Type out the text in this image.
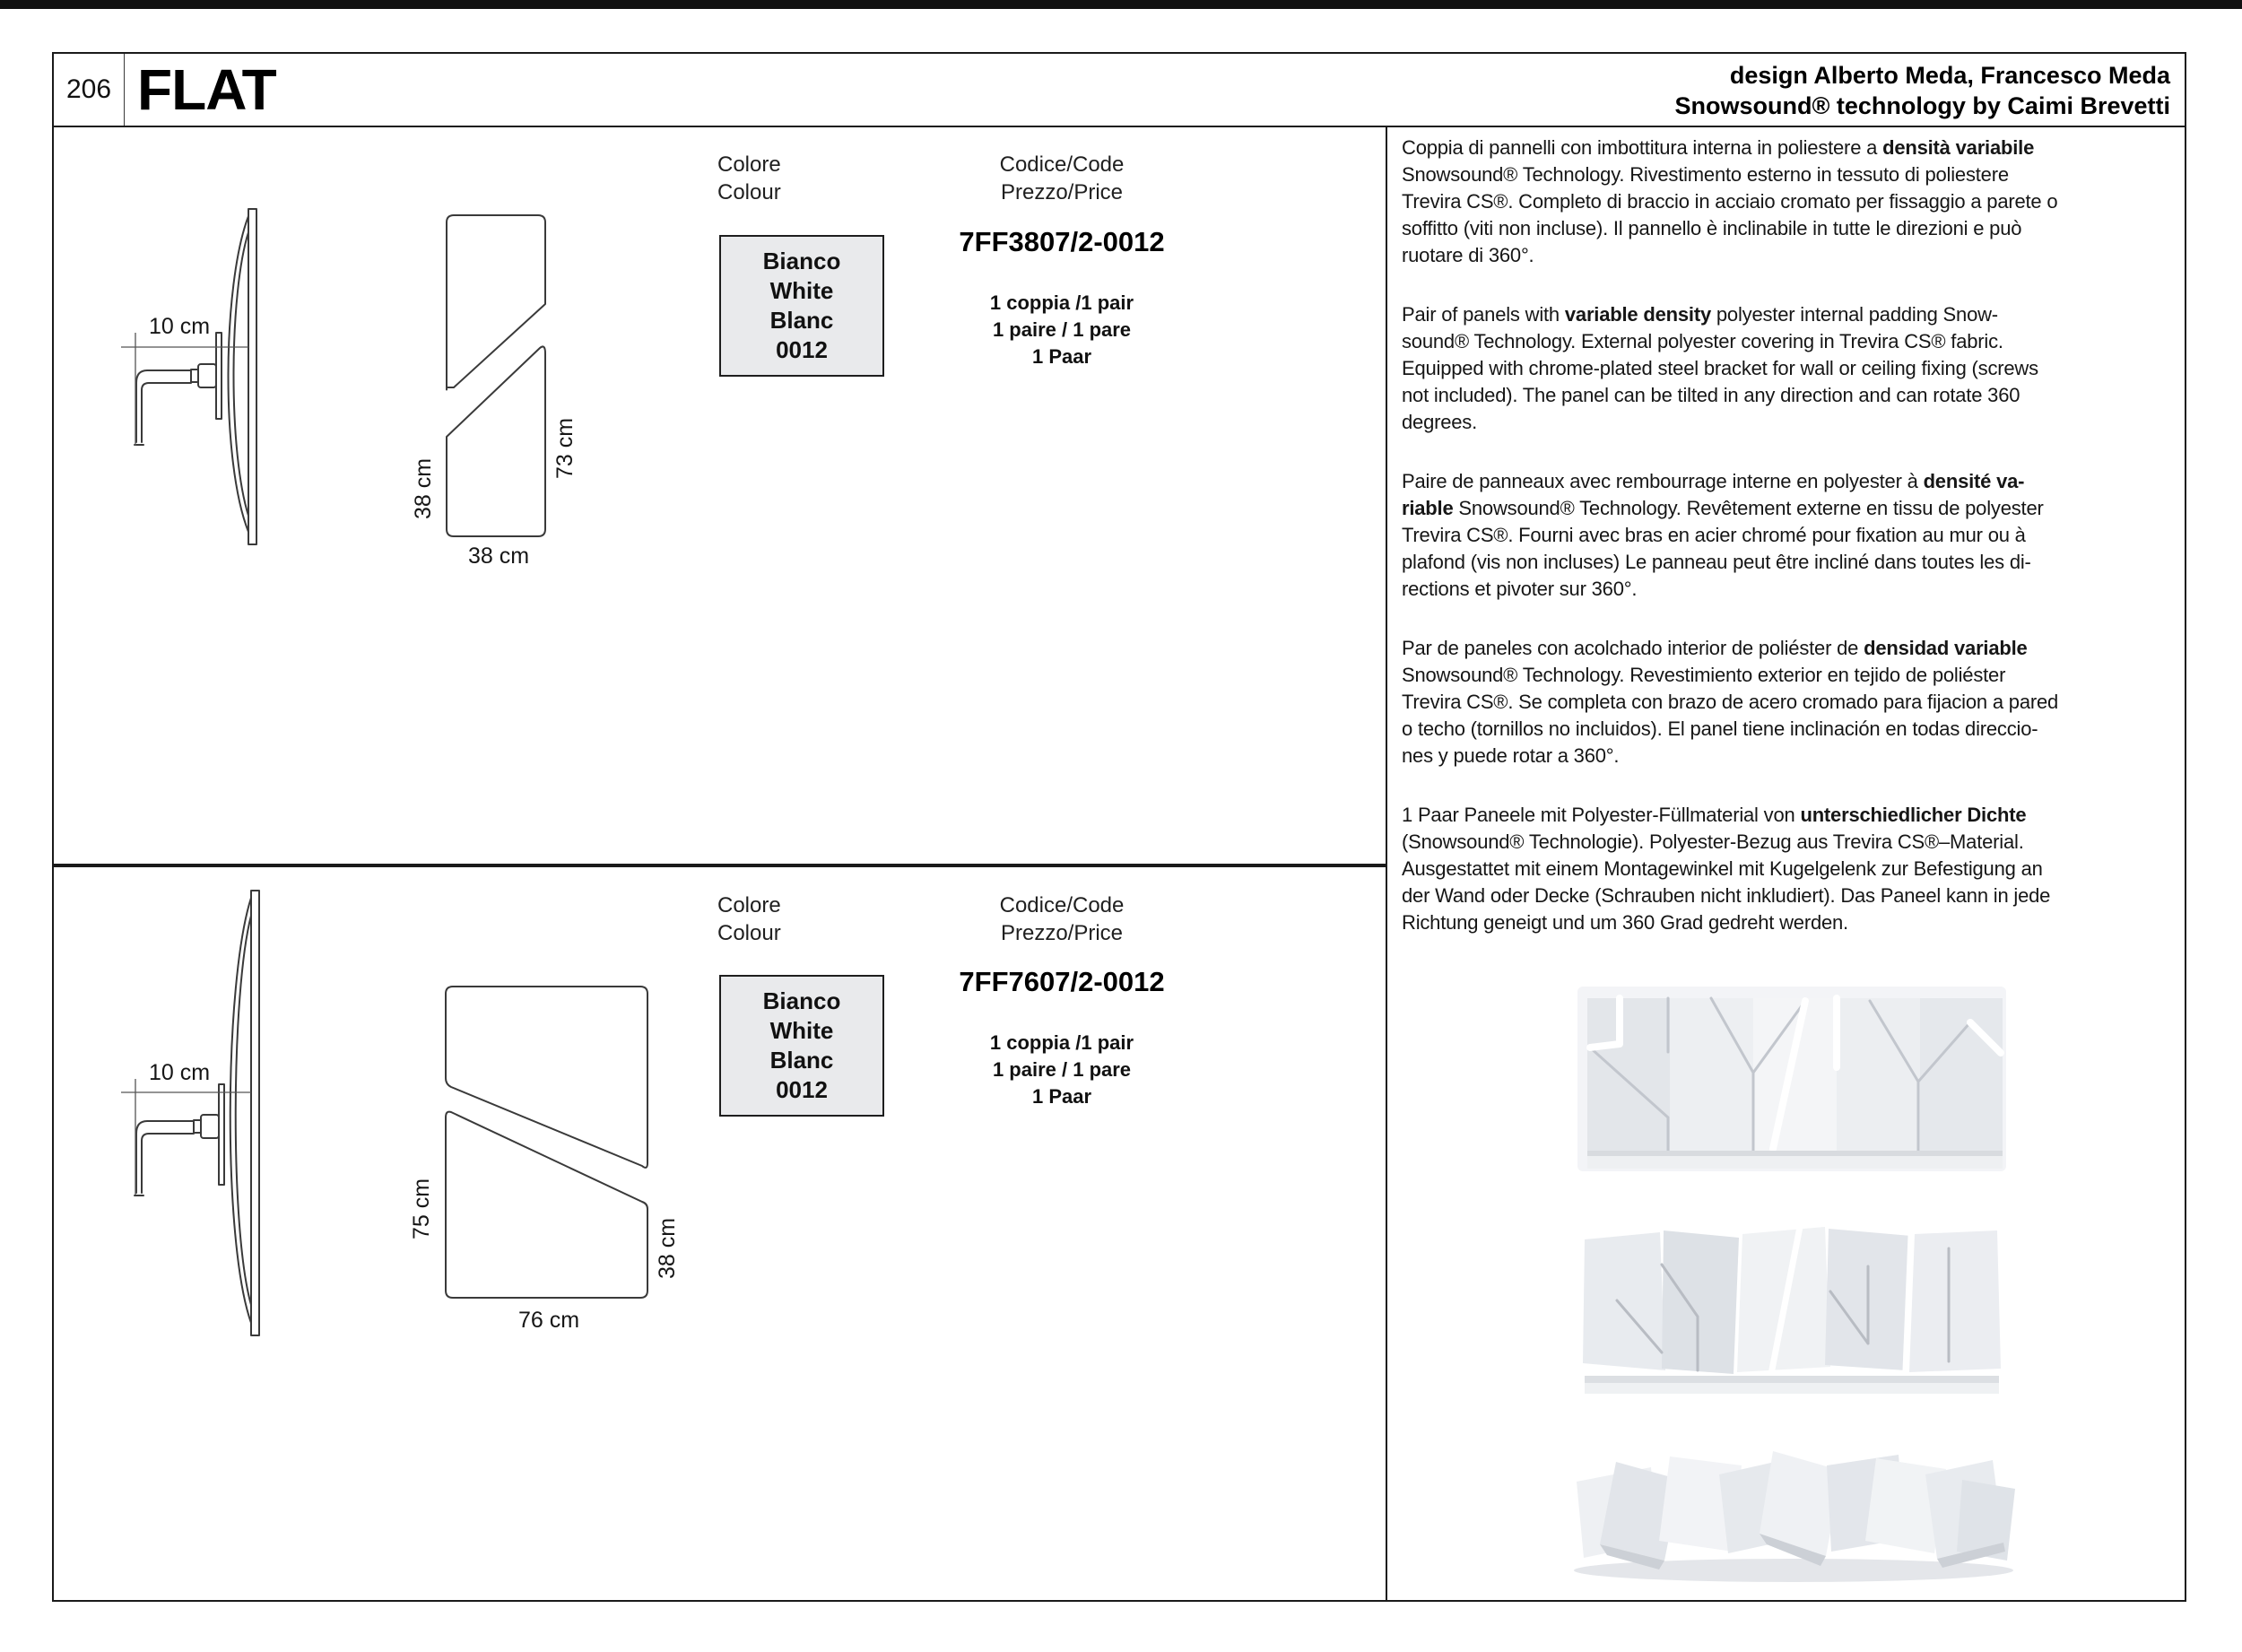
206 FLAT	design Alberto Meda, Francesco Meda
Snowsound® technology by Caimi Brevetti
10 cm
38 cm
73 cm
38 cm
Colore
Colour
Codice/Code
Prezzo/Price
Bianco
White
Blanc
0012
7FF3807/2-0012
1 coppia /1 pair
1 paire / 1 pare
1 Paar
10 cm
75 cm
38 cm
76 cm
Colore
Colour
Codice/Code
Prezzo/Price
Bianco
White
Blanc
0012
7FF7607/2-0012
1 coppia /1 pair
1 paire / 1 pare
1 Paar
Coppia di pannelli con imbottitura interna in poliestere a densità variabile
Snowsound® Technology. Rivestimento esterno in tessuto di poliestere
Trevira CS®. Completo di braccio in acciaio cromato per fissaggio a parete o
soffitto (viti non incluse). Il pannello è inclinabile in tutte le direzioni e può
ruotare di 360°.
Pair of panels with variable density polyester internal padding Snow-
sound® Technology. External polyester covering in Trevira CS® fabric.
Equipped with chrome-plated steel bracket for wall or ceiling fixing (screws
not included). The panel can be tilted in any direction and can rotate 360
degrees.
Paire de panneaux avec rembourrage interne en polyester à densité va-
riable Snowsound® Technology. Revêtement externe en tissu de polyester
Trevira CS®. Fourni avec bras en acier chromé pour fixation au mur ou à
plafond (vis non incluses) Le panneau peut être incliné dans toutes les di-
rections et pivoter sur 360°.
Par de paneles con acolchado interior de poliéster de densidad variable
Snowsound® Technology. Revestimiento exterior en tejido de poliéster
Trevira CS®. Se completa con brazo de acero cromado para fijacion a pared
o techo (tornillos no incluidos). El panel tiene inclinación en todas direccio-
nes y puede rotar a 360°.
1 Paar Paneele mit Polyester-Füllmaterial von unterschiedlicher Dichte
(Snowsound® Technologie). Polyester-Bezug aus Trevira CS®–Material.
Ausgestattet mit einem Montagewinkel mit Kugelgelenk zur Befestigung an
der Wand oder Decke (Schrauben nicht inkludiert). Das Paneel kann in jede
Richtung geneigt und um 360 Grad gedreht werden.
